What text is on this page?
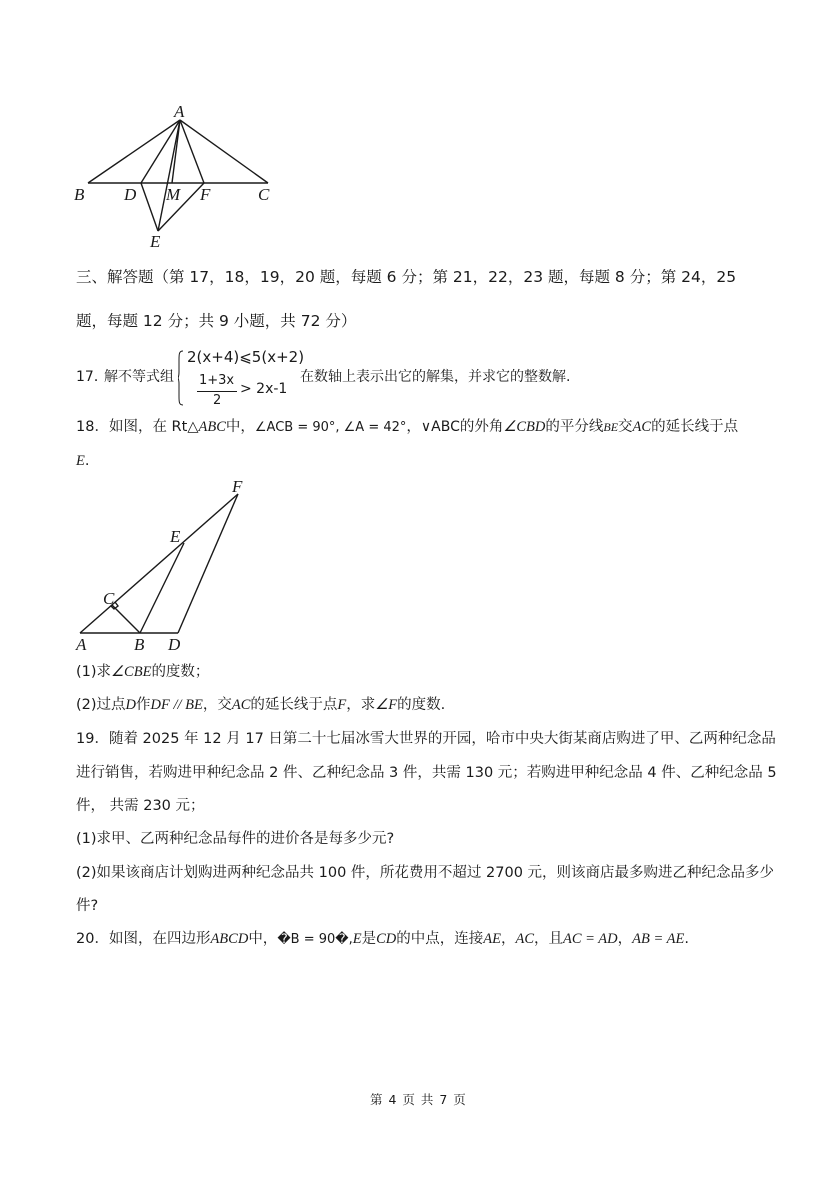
A
B D M F	C
E
三、解答题（第 17，18，19，20 题，每题 6 分；第 21，22，23 题，每题 8 分；第 24，25
题，每题 12 分；共 9 小题，共 72 分）
17．
解不等式组
2(x+4)⩽5(x+2)
1+3x
2
> 2x-1
在数轴上表示出它的解集，并求它的整数解.
18．如图，在 Rt△ABC中，∠ACB = 90°, ∠A = 42°，∨ABC的外角∠CBD的平分线BE交AC的延长线于点
E.
F
E
C
A	B D
(1)求∠CBE的度数；
(2)过点D作DF // BE，交AC的延长线于点F，求∠F的度数.
19．随着 2025 年 12 月 17 日第二十七届冰雪大世界的开园，哈市中央大街某商店购进了甲、乙两种纪念品
进行销售，若购进甲种纪念品 2 件、乙种纪念品 3 件，共需 130 元；若购进甲种纪念品 4 件、乙种纪念品 5
件， 共需 230 元；
(1)求甲、乙两种纪念品每件的进价各是每多少元?
(2)如果该商店计划购进两种纪念品共 100 件，所花费用不超过 2700 元，则该商店最多购进乙种纪念品多少
件?
20．如图，在四边形ABCD中，�B = 90�,E是CD的中点，连接AE，AC，且AC = AD，AB = AE.
第 4 页 共 7 页
